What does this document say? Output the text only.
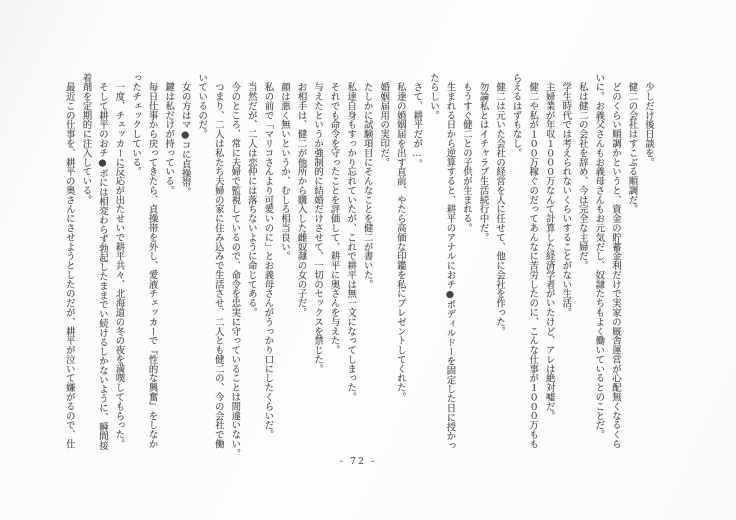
　少しだけ後日談を。
　健二の会社はすこぶる順調だ。
　どのくらい順調かというと、資金の貯蓄金利だけで実家の厩舎運営が心配無くなるくら
いに。お義父さんもお義母さんもお元気だし、奴隷たちもよく働いているとのことだ。
　私は健二の会社を辞め、今は完全な主婦だ。
　学生時代では考えられないくらいすることがない生活。
　主婦業が年収１０００万なんて計算した経済学者がいたけど、アレは絶対嘘だ。
　健二や私が１００万稼ぐのだってあんなに苦労したのに、こんな仕事が１０００万もも
らえるはずもなし。
　健二は元いた会社の経営を人に任せて、他に会社を作った。
　勿論私とはイチャラブ生活続行中だ。
　もうすぐ健二との子供が生まれる。
　生まれる日から逆算すると、耕平のアナルにおチ●ポディルドーを固定した日に授かっ
たらしい。
　さて、耕平だが…。
　私達の婚姻届を出す直前、やたら高価な印鑑を私にプレゼントしてくれた。
　婚姻届用の実印だ。
　たしかに試験項目にそんなことを健二が書いた。
　私達自身もすっかり忘れていたが、これで耕平は無一文になってしまった。
　それでも命令を守ったことを評価して、耕平に奥さんを与えた。
　与えたというか強制的に結婚だけさせて、一切のセックスを禁じた。
　お相手は、健二が他所から購入した雌奴隷の女の子だ。
　顔は悪く無いというか、むしろ相当良い。
　私の前で「マリコさんより可愛いのに」とお義母さんがうっかり口にしたくらいだ。
　当然だが、二人は恋仲には落ちないように命じてある。
　今のところ、常に夫婦で監視しているので、命令を忠実に守っていることは間違いない。
　つまり、二人は私たち夫婦の家に住み込みで生活させ、二人とも健二の、今の会社で働
いているのだ。
　女の方はマ●コに貞操帯。
　鍵は私だけが持っている。
　毎日仕事から戻ってきたら、貞操帯を外し、愛液チェッカーで『性的な興奮』をしなか
ったチェックしている。
　一度、チェッカーに反応が出たせいで耕平共々、北海道の冬の夜を満喫してもらった。
　そして耕平のおチ●ポには相変わらず勃起したままでい続けるしかないように、瞬間接
着剤を定期的に注入している。
　最近この仕事を、耕平の奥さんにさせようとしたのだが、耕平が泣いて嫌がるので、仕
- 72 -
